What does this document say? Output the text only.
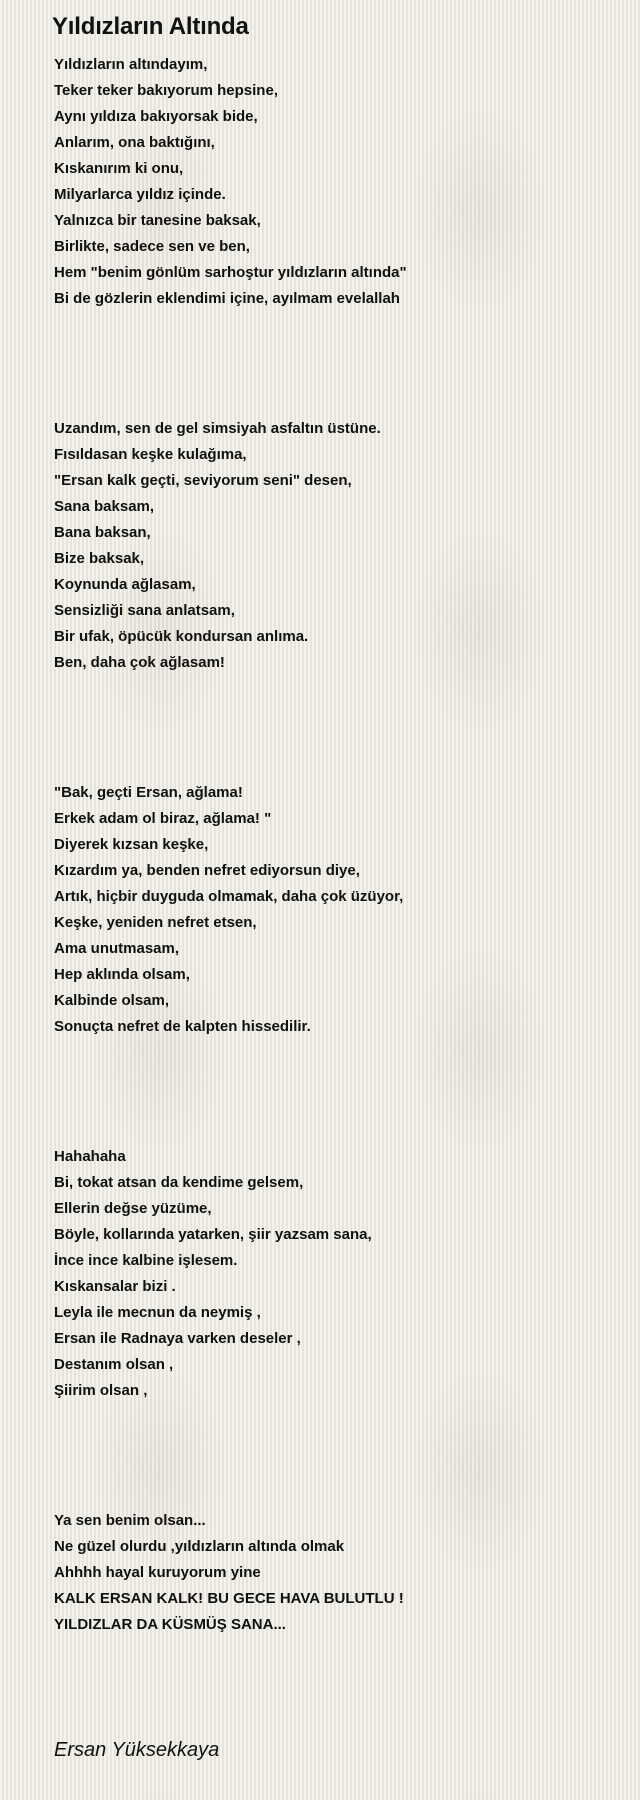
Yıldızların Altında
Yıldızların altındayım,
Teker teker bakıyorum hepsine,
Aynı yıldıza bakıyorsak bide,
Anlarım, ona baktığını,
Kıskanırım ki onu,
Milyarlarca yıldız içinde.
Yalnızca bir tanesine baksak,
Birlikte, sadece sen ve ben,
Hem "benim gönlüm sarhoştur yıldızların altında"
Bi de gözlerin eklendimi içine, ayılmam evelallah
Uzandım, sen de gel simsiyah asfaltın üstüne.
Fısıldasan keşke kulağıma,
"Ersan kalk geçti, seviyorum seni" desen,
Sana baksam,
Bana baksan,
Bize baksak,
Koynunda ağlasam,
Sensizliği sana anlatsam,
Bir ufak, öpücük kondursan anlıma.
Ben, daha çok ağlasam!
"Bak, geçti Ersan, ağlama!
Erkek adam ol biraz, ağlama! "
Diyerek kızsan keşke,
Kızardım ya, benden nefret ediyorsun diye,
Artık, hiçbir duyguda olmamak, daha çok üzüyor,
Keşke, yeniden nefret etsen,
Ama unutmasam,
Hep aklında olsam,
Kalbinde olsam,
Sonuçta nefret de kalpten hissedilir.
Hahahaha
Bi, tokat atsan da kendime gelsem,
Ellerin değse yüzüme,
Böyle, kollarında yatarken, şiir yazsam sana,
İnce ince kalbine işlesem.
Kıskansalar bizi .
Leyla ile mecnun da neymiş ,
Ersan ile Radnaya varken deseler ,
Destanım olsan ,
Şiirim olsan ,
Ya sen benim olsan...
Ne güzel olurdu ,yıldızların altında olmak
Ahhhh hayal kuruyorum yine
KALK ERSAN KALK! BU GECE HAVA BULUTLU !
YILDIZLAR DA KÜSMÜŞ SANA...
Ersan Yüksekkaya
